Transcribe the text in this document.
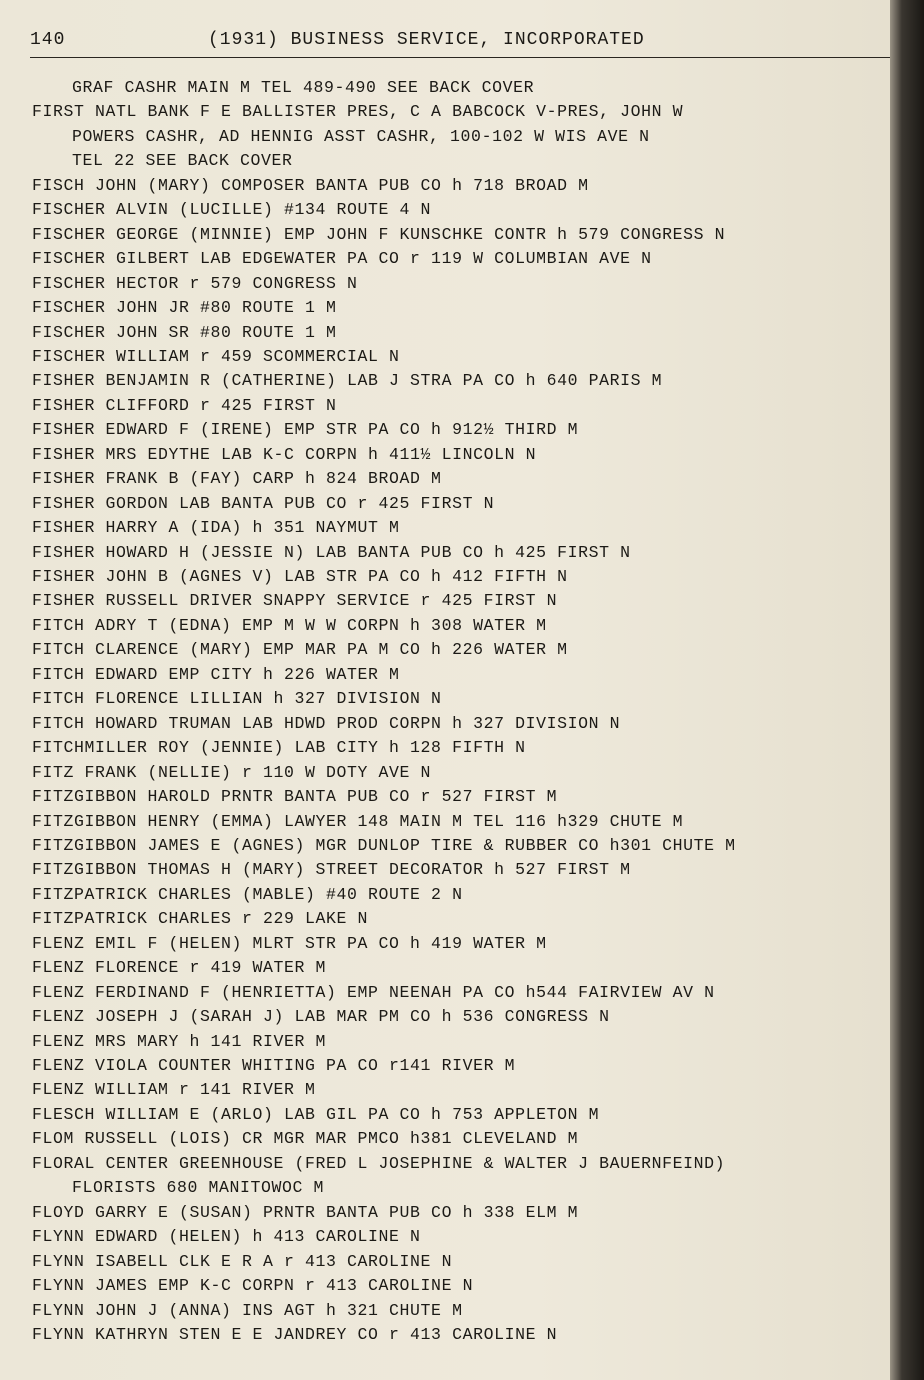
140	(1931) BUSINESS SERVICE, INCORPORATED
GRAF CASHR MAIN M TEL 489-490 SEE BACK COVER
FIRST NATL BANK F E BALLISTER PRES, C A BABCOCK V-PRES, JOHN W
POWERS CASHR, AD HENNIG ASST CASHR, 100-102 W WIS AVE N
TEL 22 SEE BACK COVER
FISCH JOHN (MARY) COMPOSER BANTA PUB CO h 718 BROAD M
FISCHER ALVIN (LUCILLE) #134 ROUTE 4 N
FISCHER GEORGE (MINNIE) EMP JOHN F KUNSCHKE CONTR h 579 CONGRESS N
FISCHER GILBERT LAB EDGEWATER PA CO r 119 W COLUMBIAN AVE N
FISCHER HECTOR r 579 CONGRESS N
FISCHER JOHN JR #80 ROUTE 1 M
FISCHER JOHN SR #80 ROUTE 1 M
FISCHER WILLIAM r 459 SCOMMERCIAL N
FISHER BENJAMIN R (CATHERINE) LAB J STRA PA CO h 640 PARIS M
FISHER CLIFFORD r 425 FIRST N
FISHER EDWARD F (IRENE) EMP STR PA CO h 912½ THIRD M
FISHER MRS EDYTHE LAB K-C CORPN h 411½ LINCOLN N
FISHER FRANK B (FAY) CARP h 824 BROAD M
FISHER GORDON LAB BANTA PUB CO r 425 FIRST N
FISHER HARRY A (IDA) h 351 NAYMUT M
FISHER HOWARD H (JESSIE N) LAB BANTA PUB CO h 425 FIRST N
FISHER JOHN B (AGNES V) LAB STR PA CO h 412 FIFTH N
FISHER RUSSELL DRIVER SNAPPY SERVICE r 425 FIRST N
FITCH ADRY T (EDNA) EMP M W W CORPN h 308 WATER M
FITCH CLARENCE (MARY) EMP MAR PA M CO h 226 WATER M
FITCH EDWARD EMP CITY h 226 WATER M
FITCH FLORENCE LILLIAN h 327 DIVISION N
FITCH HOWARD TRUMAN LAB HDWD PROD CORPN h 327 DIVISION N
FITCHMILLER ROY (JENNIE) LAB CITY h 128 FIFTH N
FITZ FRANK (NELLIE) r 110 W DOTY AVE N
FITZGIBBON HAROLD PRNTR BANTA PUB CO r 527 FIRST M
FITZGIBBON HENRY (EMMA) LAWYER 148 MAIN M TEL 116 h329 CHUTE M
FITZGIBBON JAMES E (AGNES) MGR DUNLOP TIRE & RUBBER CO h301 CHUTE M
FITZGIBBON THOMAS H (MARY) STREET DECORATOR h 527 FIRST M
FITZPATRICK CHARLES (MABLE) #40 ROUTE 2 N
FITZPATRICK CHARLES r 229 LAKE N
FLENZ EMIL F (HELEN) MLRT STR PA CO h 419 WATER M
FLENZ FLORENCE r 419 WATER M
FLENZ FERDINAND F (HENRIETTA) EMP NEENAH PA CO h544 FAIRVIEW AV N
FLENZ JOSEPH J (SARAH J) LAB MAR PM CO h 536 CONGRESS N
FLENZ MRS MARY h 141 RIVER M
FLENZ VIOLA COUNTER WHITING PA CO r141 RIVER M
FLENZ WILLIAM r 141 RIVER M
FLESCH WILLIAM E (ARLO) LAB GIL PA CO h 753 APPLETON M
FLOM RUSSELL (LOIS) CR MGR MAR PMCO h381 CLEVELAND M
FLORAL CENTER GREENHOUSE (FRED L JOSEPHINE & WALTER J BAUERNFEIND)
FLORISTS 680 MANITOWOC M
FLOYD GARRY E (SUSAN) PRNTR BANTA PUB CO h 338 ELM M
FLYNN EDWARD (HELEN) h 413 CAROLINE N
FLYNN ISABELL CLK E R A r 413 CAROLINE N
FLYNN JAMES EMP K-C CORPN r 413 CAROLINE N
FLYNN JOHN J (ANNA) INS AGT h 321 CHUTE M
FLYNN KATHRYN STEN E E JANDREY CO r 413 CAROLINE N
